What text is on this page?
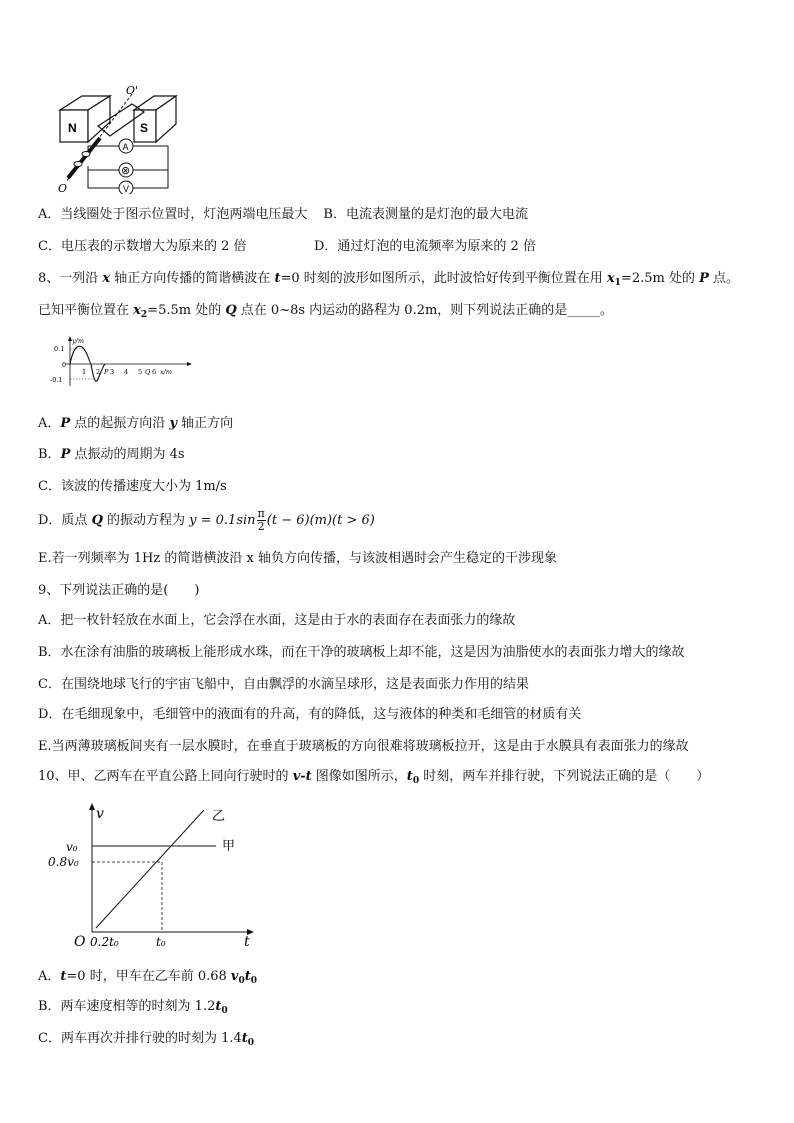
N	S
O'
O
A
⊗
V
A．当线圈处于图示位置时，灯泡两端电压最大 B．电流表测量的是灯泡的最大电流
C．电压表的示数增大为原来的 2 倍	D．通过灯泡的电流频率为原来的 2 倍
8、一列沿 x 轴正方向传播的简谐横波在 t=0 时刻的波形如图所示，此时波恰好传到平衡位置在用 $x_1=2.5m$ 处的 P 点。
已知平衡位置在 $x_2=5.5m$ 处的 Q 点在 0~8s 内运动的路程为 0.2m，则下列说法正确的是_____。
y/m
0.1
0
-0.1
1 2 P 3 4 5 Q 6 x/m
A．P 点的起振方向沿 y 轴正方向
B．P 点振动的周期为 4s
C．该波的传播速度大小为 1m/s
D．质点 Q 的振动方程为 $y = 0.1\sin \frac{\pi}{2} (t - 6)(m)(t > 6)$
E.若一列频率为 1Hz 的简谐横波沿 x 轴负方向传播，与该波相遇时会产生稳定的干涉现象
9、下列说法正确的是(　　)
A．把一枚针轻放在水面上，它会浮在水面，这是由于水的表面存在表面张力的缘故
B．水在涂有油脂的玻璃板上能形成水珠，而在干净的玻璃板上却不能，这是因为油脂使水的表面张力增大的缘故
C．在围绕地球飞行的宇宙飞船中，自由飘浮的水滴呈球形，这是表面张力作用的结果
D．在毛细现象中，毛细管中的液面有的升高，有的降低，这与液体的种类和毛细管的材质有关
E.当两薄玻璃板间夹有一层水膜时，在垂直于玻璃板的方向很难将玻璃板拉开，这是由于水膜具有表面张力的缘故
10、甲、乙两车在平直公路上同向行驶时的 v-t 图像如图所示，$t_0$ 时刻，两车并排行驶，下列说法正确的是（　　）
v
t
O
v₀
0.8v₀
0.2t₀	t₀
甲
乙
A．t=0 时，甲车在乙车前 0.68 $v_0t_0$
B．两车速度相等的时刻为 $1.2t_0$
C．两车再次并排行驶的时刻为 $1.4t_0$
